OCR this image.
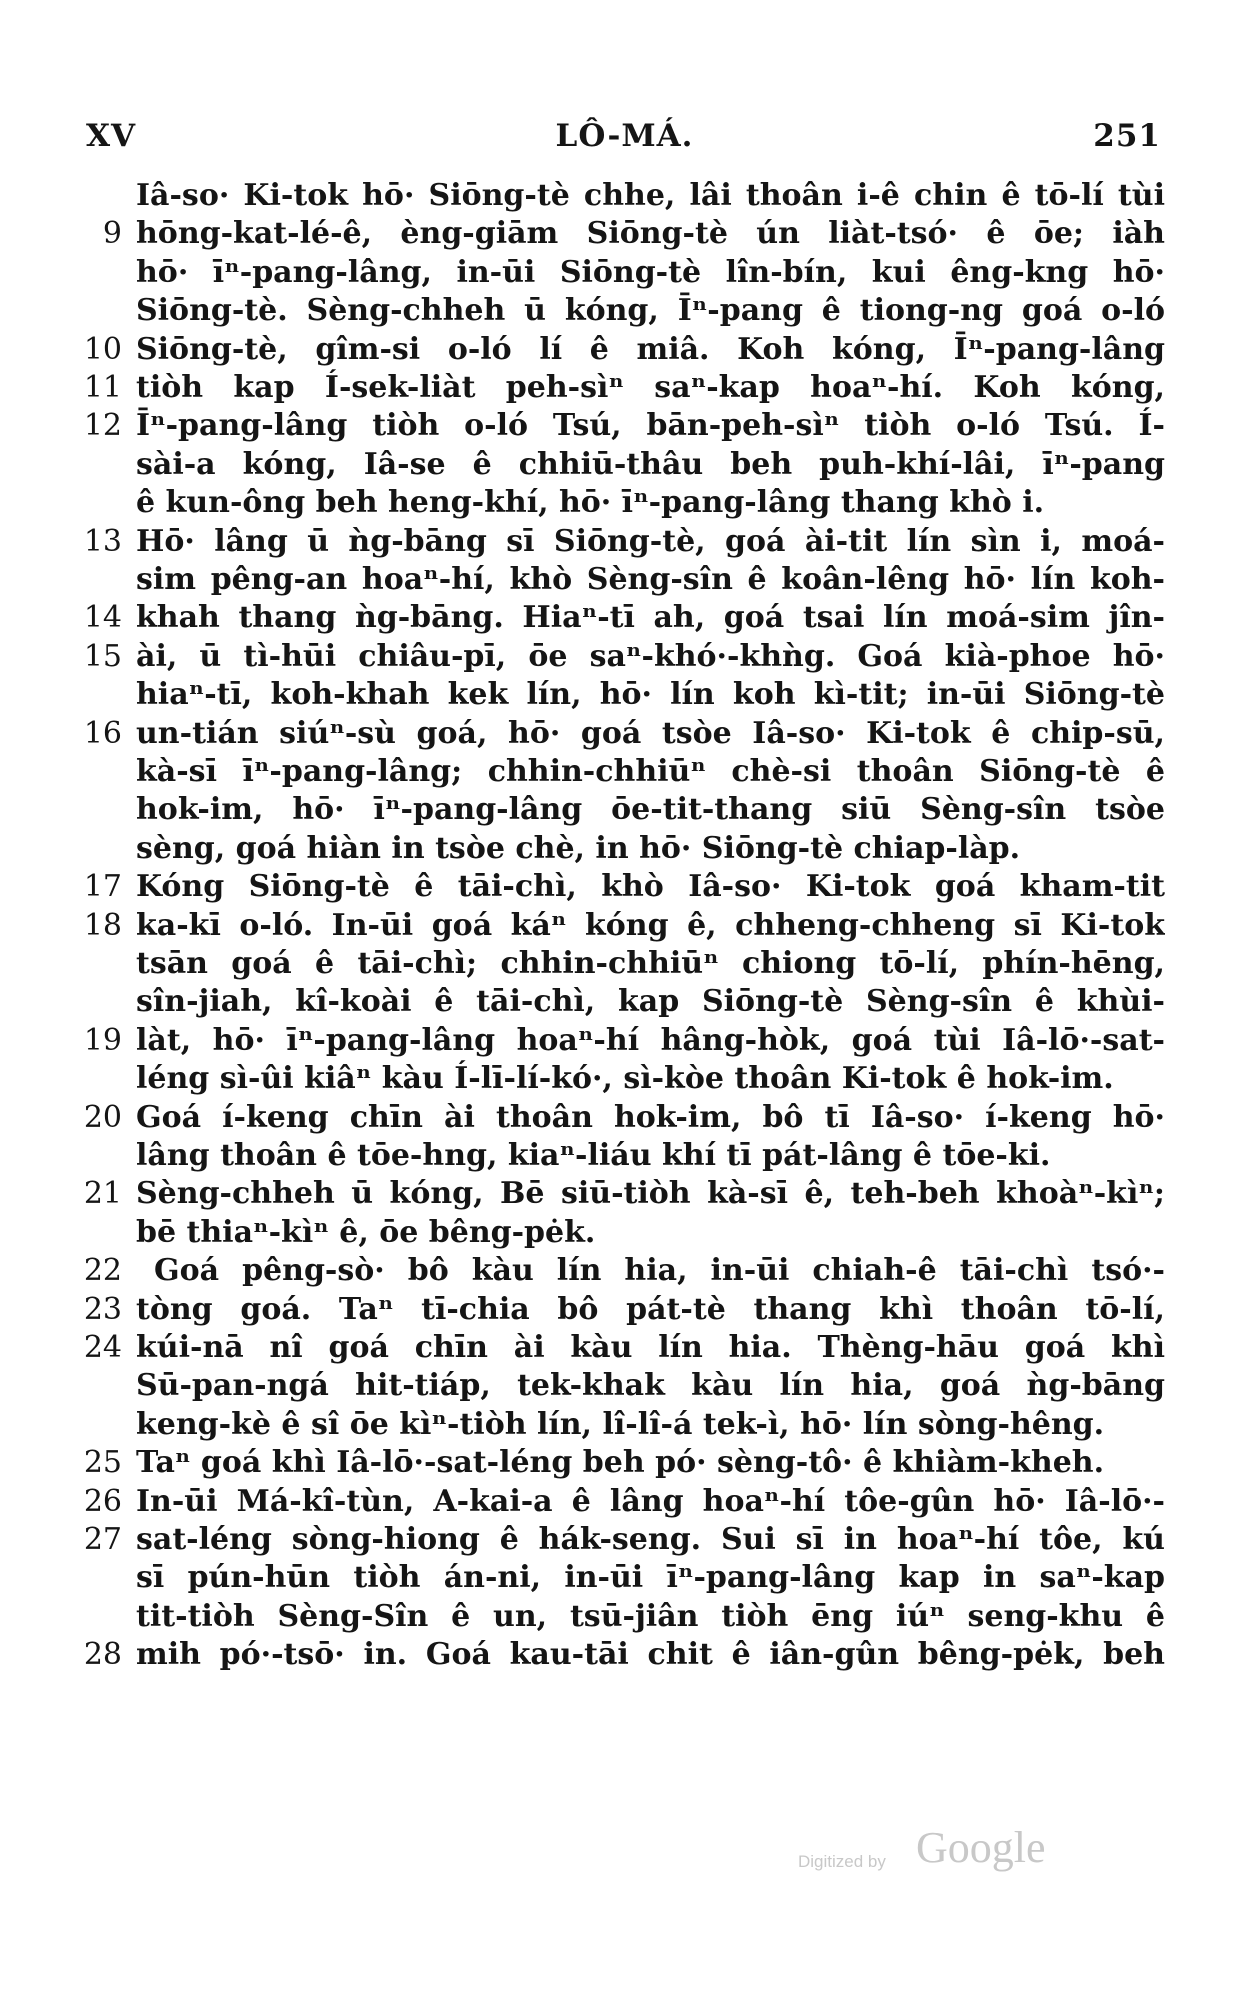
XV	LÔ-MÁ.	251
Iâ-so· Ki-tok hō· Siōng-tè chhe, lâi thoân i-ê chin ê tō-lí tùi
9 hōng-kat-lé-ê, èng-giām Siōng-tè ún liàt-tsó· ê ōe; iàh
hō· īⁿ-pang-lâng, in-ūi Siōng-tè lîn-bín, kui êng-kng hō·
Siōng-tè. Sèng-chheh ū kóng, Īⁿ-pang ê tiong-ng goá o-ló
10 Siōng-tè, gîm-si o-ló lí ê miâ. Koh kóng, Īⁿ-pang-lâng
11 tiòh kap Í-sek-liàt peh-sìⁿ saⁿ-kap hoaⁿ-hí. Koh kóng,
12 Īⁿ-pang-lâng tiòh o-ló Tsú, bān-peh-sìⁿ tiòh o-ló Tsú. Í-
sài-a kóng, Iâ-se ê chhiū-thâu beh puh-khí-lâi, īⁿ-pang
ê kun-ông beh heng-khí, hō· īⁿ-pang-lâng thang khò i.
13 Hō· lâng ū ǹg-bāng sī Siōng-tè, goá ài-tit lín sìn i, moá-
sim pêng-an hoaⁿ-hí, khò Sèng-sîn ê koân-lêng hō· lín koh-
14 khah thang ǹg-bāng. Hiaⁿ-tī ah, goá tsai lín moá-sim jîn-
15 ài, ū tì-hūi chiâu-pī, ōe saⁿ-khó·-khǹg. Goá kià-phoe hō·
hiaⁿ-tī, koh-khah kek lín, hō· lín koh kì-tit; in-ūi Siōng-tè
16 un-tián siúⁿ-sù goá, hō· goá tsòe Iâ-so· Ki-tok ê chip-sū,
kà-sī īⁿ-pang-lâng; chhin-chhiūⁿ chè-si thoân Siōng-tè ê
hok-im, hō· īⁿ-pang-lâng ōe-tit-thang siū Sèng-sîn tsòe
sèng, goá hiàn in tsòe chè, in hō· Siōng-tè chiap-làp.
17 Kóng Siōng-tè ê tāi-chì, khò Iâ-so· Ki-tok goá kham-tit
18 ka-kī o-ló. In-ūi goá káⁿ kóng ê, chheng-chheng sī Ki-tok
tsān goá ê tāi-chì; chhin-chhiūⁿ chiong tō-lí, phín-hēng,
sîn-jiah, kî-koài ê tāi-chì, kap Siōng-tè Sèng-sîn ê khùi-
19 làt, hō· īⁿ-pang-lâng hoaⁿ-hí hâng-hòk, goá tùi Iâ-lō·-sat-
léng sì-ûi kiâⁿ kàu Í-lī-lí-kó·, sì-kòe thoân Ki-tok ê hok-im.
20 Goá í-keng chīn ài thoân hok-im, bô tī Iâ-so· í-keng hō·
lâng thoân ê tōe-hng, kiaⁿ-liáu khí tī pát-lâng ê tōe-ki.
21 Sèng-chheh ū kóng, Bē siū-tiòh kà-sī ê, teh-beh khoàⁿ-kìⁿ;
bē thiaⁿ-kìⁿ ê, ōe bêng-pėk.
22	Goá pêng-sò· bô kàu lín hia, in-ūi chiah-ê tāi-chì tsó·-
23 tòng goá. Taⁿ tī-chia bô pát-tè thang khì thoân tō-lí,
24 kúi-nā nî goá chīn ài kàu lín hia. Thèng-hāu goá khì
Sū-pan-ngá hit-tiáp, tek-khak kàu lín hia, goá ǹg-bāng
keng-kè ê sî ōe kìⁿ-tiòh lín, lî-lî-á tek-ì, hō· lín sòng-hêng.
25 Taⁿ goá khì Iâ-lō·-sat-léng beh pó· sèng-tô· ê khiàm-kheh.
26 In-ūi Má-kî-tùn, A-kai-a ê lâng hoaⁿ-hí tôe-gûn hō· Iâ-lō·-
27 sat-léng sòng-hiong ê hák-seng. Sui sī in hoaⁿ-hí tôe, kú
sī pún-hūn tiòh án-ni, in-ūi īⁿ-pang-lâng kap in saⁿ-kap
tit-tiòh Sèng-Sîn ê un, tsū-jiân tiòh ēng iúⁿ seng-khu ê
28 mih pó·-tsō· in. Goá kau-tāi chit ê iân-gûn bêng-pėk, beh
Digitized by Google
